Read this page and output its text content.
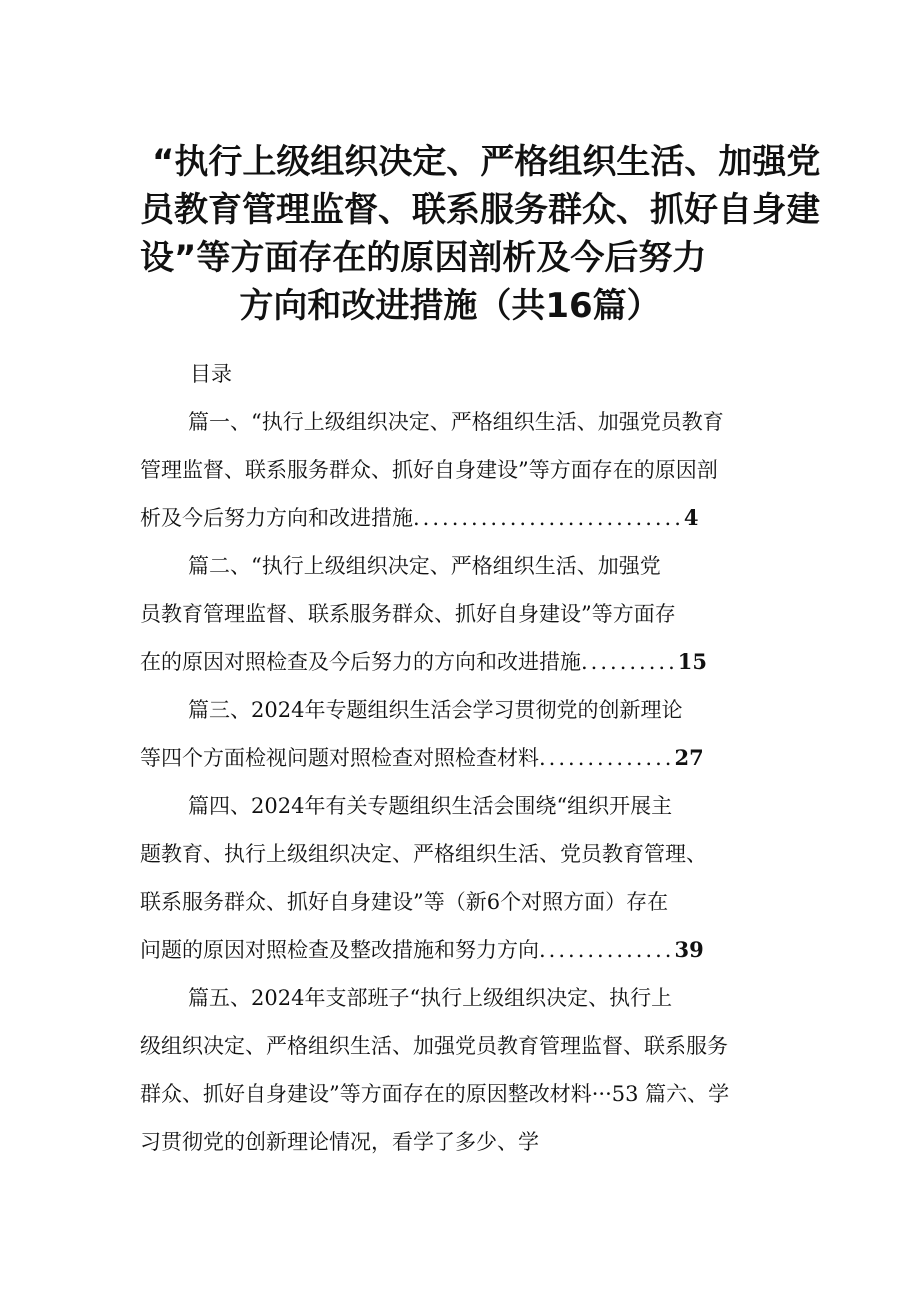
“执行上级组织决定、严格组织生活、加强党
员教育管理监督、联系服务群众、抓好自身建
设”等方面存在的原因剖析及今后努力
方向和改进措施（共16篇）
目录
篇一、“执行上级组织决定、严格组织生活、加强党员教育
管理监督、联系服务群众、抓好自身建设”等方面存在的原因剖
析及今后努力方向和改进措施............................4
篇二、“执行上级组织决定、严格组织生活、加强党
员教育管理监督、联系服务群众、抓好自身建设”等方面存
在的原因对照检查及今后努力的方向和改进措施..........15
篇三、2024年专题组织生活会学习贯彻党的创新理论
等四个方面检视问题对照检查对照检查材料..............27
篇四、2024年有关专题组织生活会围绕“组织开展主
题教育、执行上级组织决定、严格组织生活、党员教育管理、
联系服务群众、抓好自身建设”等（新6个对照方面）存在
问题的原因对照检查及整改措施和努力方向..............39
篇五、2024年支部班子“执行上级组织决定、执行上
级组织决定、严格组织生活、加强党员教育管理监督、联系服务
群众、抓好自身建设”等方面存在的原因整改材料···53 篇六、学
习贯彻党的创新理论情况，看学了多少、学
